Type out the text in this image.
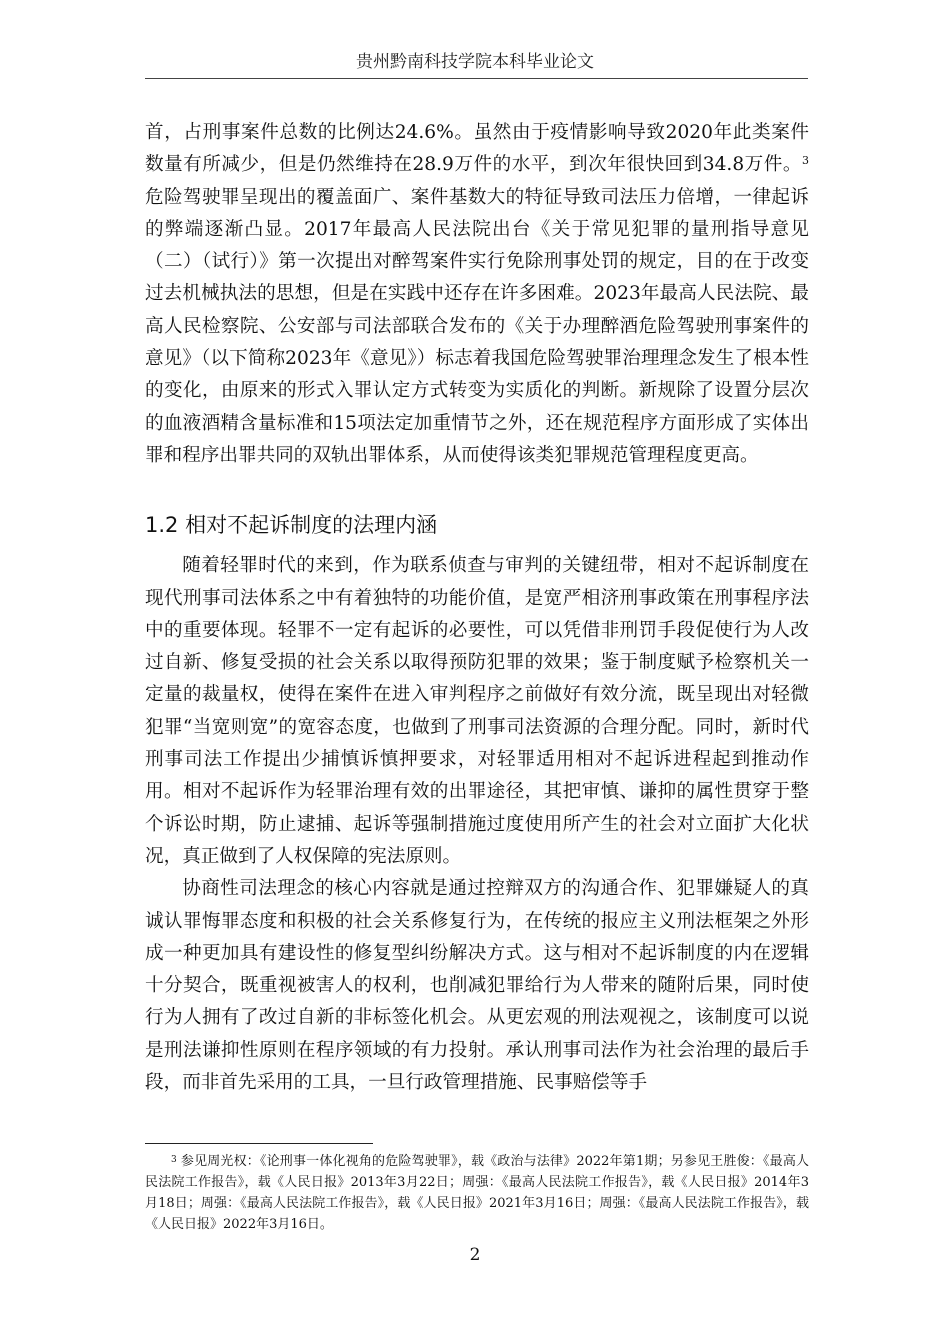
贵州黔南科技学院本科毕业论文

首，占刑事案件总数的比例达24.6%。虽然由于疫情影响导致2020年此类案件数量有所减少，但是仍然维持在28.9万件的水平，到次年很快回到34.8万件。$^3$危险驾驶罪呈现出的覆盖面广、案件基数大的特征导致司法压力倍增，一律起诉的弊端逐渐凸显。2017年最高人民法院出台《关于常见犯罪的量刑指导意见（二）（试行）》第一次提出对醉驾案件实行免除刑事处罚的规定，目的在于改变过去机械执法的思想，但是在实践中还存在许多困难。2023年最高人民法院、最高人民检察院、公安部与司法部联合发布的《关于办理醉酒危险驾驶刑事案件的意见》（以下简称2023年《意见》）标志着我国危险驾驶罪治理理念发生了根本性的变化，由原来的形式入罪认定方式转变为实质化的判断。新规除了设置分层次的血液酒精含量标准和15项法定加重情节之外，还在规范程序方面形成了实体出罪和程序出罪共同的双轨出罪体系，从而使得该类犯罪规范管理程度更高。

1.2 相对不起诉制度的法理内涵

随着轻罪时代的来到，作为联系侦查与审判的关键纽带，相对不起诉制度在现代刑事司法体系之中有着独特的功能价值，是宽严相济刑事政策在刑事程序法中的重要体现。轻罪不一定有起诉的必要性，可以凭借非刑罚手段促使行为人改过自新、修复受损的社会关系以取得预防犯罪的效果；鉴于制度赋予检察机关一定量的裁量权，使得在案件在进入审判程序之前做好有效分流，既呈现出对轻微犯罪“当宽则宽”的宽容态度，也做到了刑事司法资源的合理分配。同时，新时代刑事司法工作提出少捕慎诉慎押要求，对轻罪适用相对不起诉进程起到推动作用。相对不起诉作为轻罪治理有效的出罪途径，其把审慎、谦抑的属性贯穿于整个诉讼时期，防止逮捕、起诉等强制措施过度使用所产生的社会对立面扩大化状况，真正做到了人权保障的宪法原则。

协商性司法理念的核心内容就是通过控辩双方的沟通合作、犯罪嫌疑人的真诚认罪悔罪态度和积极的社会关系修复行为，在传统的报应主义刑法框架之外形成一种更加具有建设性的修复型纠纷解决方式。这与相对不起诉制度的内在逻辑十分契合，既重视被害人的权利，也削减犯罪给行为人带来的随附后果，同时使行为人拥有了改过自新的非标签化机会。从更宏观的刑法观视之，该制度可以说是刑法谦抑性原则在程序领域的有力投射。承认刑事司法作为社会治理的最后手段，而非首先采用的工具，一旦行政管理措施、民事赔偿等手

$^3$ 参见周光权：《论刑事一体化视角的危险驾驶罪》，载《政治与法律》2022年第1期；另参见王胜俊：《最高人民法院工作报告》，载《人民日报》2013年3月22日；周强：《最高人民法院工作报告》，载《人民日报》2014年3月18日；周强：《最高人民法院工作报告》，载《人民日报》2021年3月16日；周强：《最高人民法院工作报告》，载《人民日报》2022年3月16日。

2
